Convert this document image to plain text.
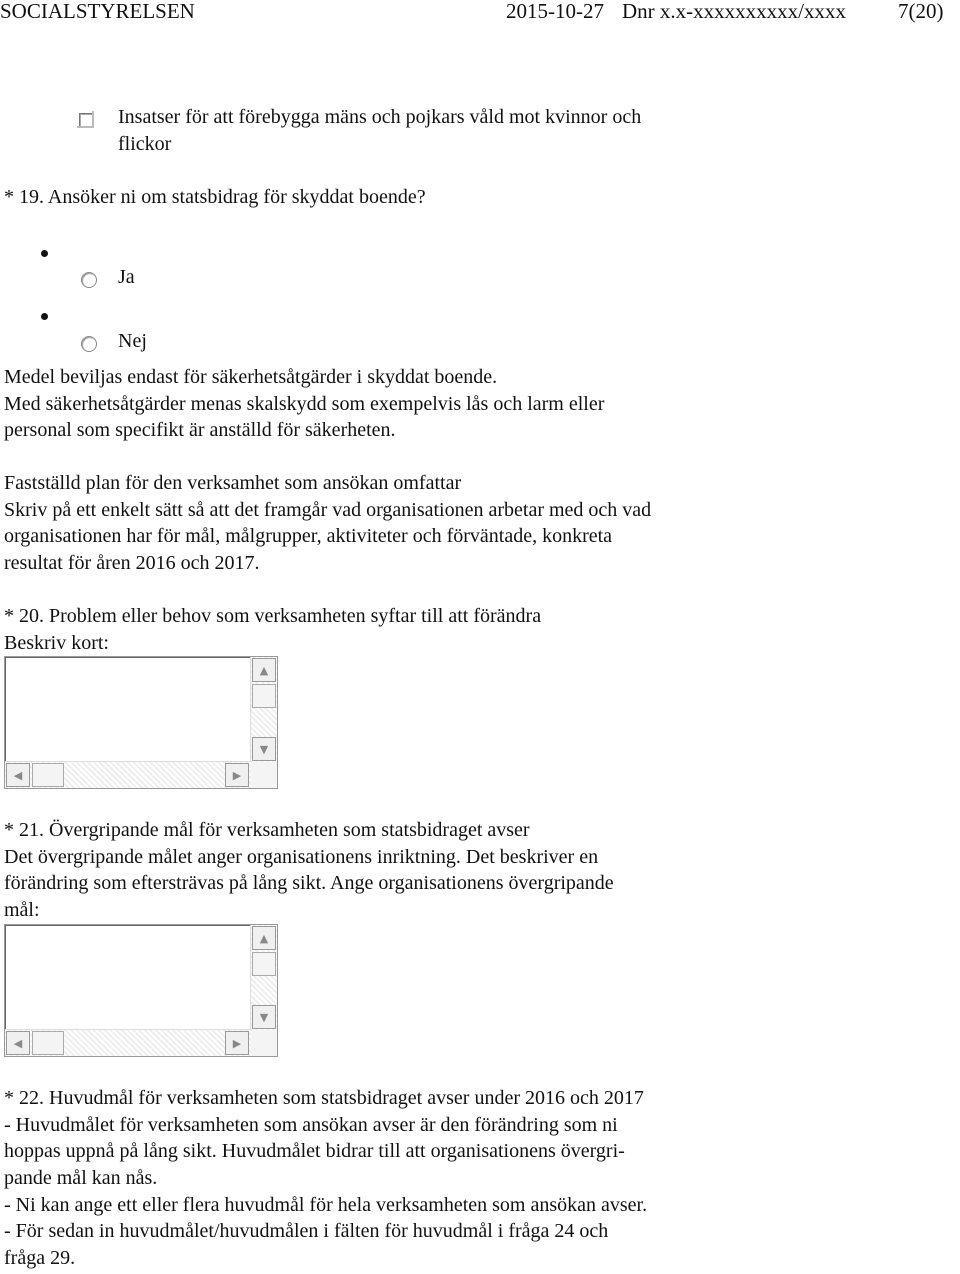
SOCIALSTYRELSEN	2015-10-27 Dnr x.x-xxxxxxxxxx/xxxx 7(20)
Insatser för att förebygga mäns och pojkars våld mot kvinnor och
flickor
* 19. Ansöker ni om statsbidrag för skyddat boende?
Ja
Nej
Medel beviljas endast för säkerhetsåtgärder i skyddat boende.
Med säkerhetsåtgärder menas skalskydd som exempelvis lås och larm eller
personal som specifikt är anställd för säkerheten.
Fastställd plan för den verksamhet som ansökan omfattar
Skriv på ett enkelt sätt så att det framgår vad organisationen arbetar med och vad
organisationen har för mål, målgrupper, aktiviteter och förväntade, konkreta
resultat för åren 2016 och 2017.
* 20. Problem eller behov som verksamheten syftar till att förändra
Beskriv kort:
▲
▼
◀	▶
* 21. Övergripande mål för verksamheten som statsbidraget avser
Det övergripande målet anger organisationens inriktning. Det beskriver en
förändring som eftersträvas på lång sikt. Ange organisationens övergripande
mål:
▲
▼
◀	▶
* 22. Huvudmål för verksamheten som statsbidraget avser under 2016 och 2017
- Huvudmålet för verksamheten som ansökan avser är den förändring som ni
hoppas uppnå på lång sikt. Huvudmålet bidrar till att organisationens övergri-
pande mål kan nås.
- Ni kan ange ett eller flera huvudmål för hela verksamheten som ansökan avser.
- För sedan in huvudmålet/huvudmålen i fälten för huvudmål i fråga 24 och
fråga 29.
